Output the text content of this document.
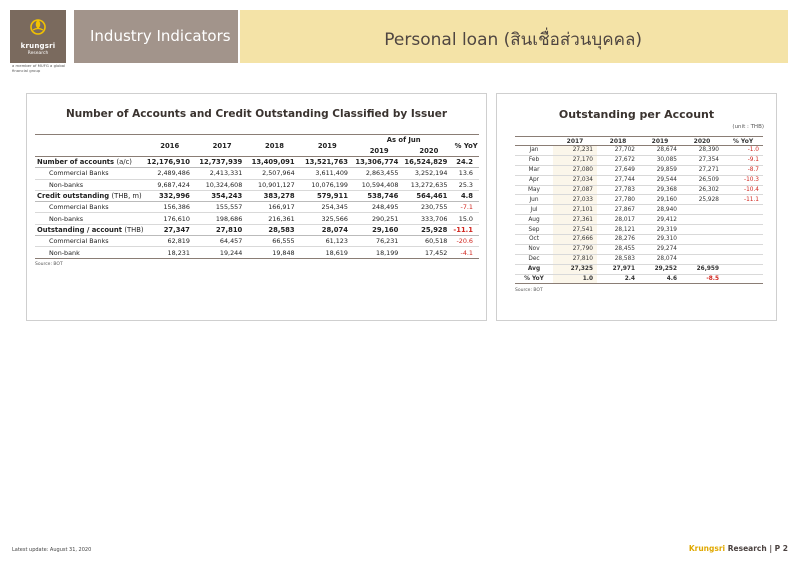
krungsri
Research
a member of MUFG a global financial group
Industry Indicators	Personal loan (สินเชื่อส่วนบุคคล)
Number of Accounts and Credit Outstanding Classified by Issuer
	2016	2017	2018	2019	As of Jun		% YoY
					2019	2020	
Number of accounts (a/c)	12,176,910	12,737,939	13,409,091	13,521,763	13,306,774	16,524,829	24.2
Commercial Banks	2,489,486	2,413,331	2,507,964	3,611,409	2,863,455	3,252,194	13.6
Non-banks	9,687,424	10,324,608	10,901,127	10,076,199	10,594,408	13,272,635	25.3
Credit outstanding (THB, m)	332,996	354,243	383,278	579,911	538,746	564,461	4.8
Commercial Banks	156,386	155,557	166,917	254,345	248,495	230,755	-7.1
Non-banks	176,610	198,686	216,361	325,566	290,251	333,706	15.0
Outstanding / account (THB)	27,347	27,810	28,583	28,074	29,160	25,928	-11.1
Commercial Banks	62,819	64,457	66,555	61,123	76,231	60,518	-20.6
Non-bank	18,231	19,244	19,848	18,619	18,199	17,452	-4.1
Source: BOT
Outstanding per Account
(unit : THB)
	2017	2018	2019	2020	% YoY
Jan	27,231	27,702	28,674	28,390	-1.0
Feb	27,170	27,672	30,085	27,354	-9.1
Mar	27,080	27,649	29,859	27,271	-8.7
Apr	27,034	27,744	29,544	26,509	-10.3
May	27,087	27,783	29,368	26,302	-10.4
Jun	27,033	27,780	29,160	25,928	-11.1
Jul	27,101	27,867	28,940		
Aug	27,361	28,017	29,412		
Sep	27,541	28,121	29,319		
Oct	27,666	28,276	29,310		
Nov	27,790	28,455	29,274		
Dec	27,810	28,583	28,074		
Avg	27,325	27,971	29,252	26,959	
% YoY	1.0	2.4	4.6	-8.5	
Source: BOT
Latest update: August 31, 2020	Krungsri Research | P 2
